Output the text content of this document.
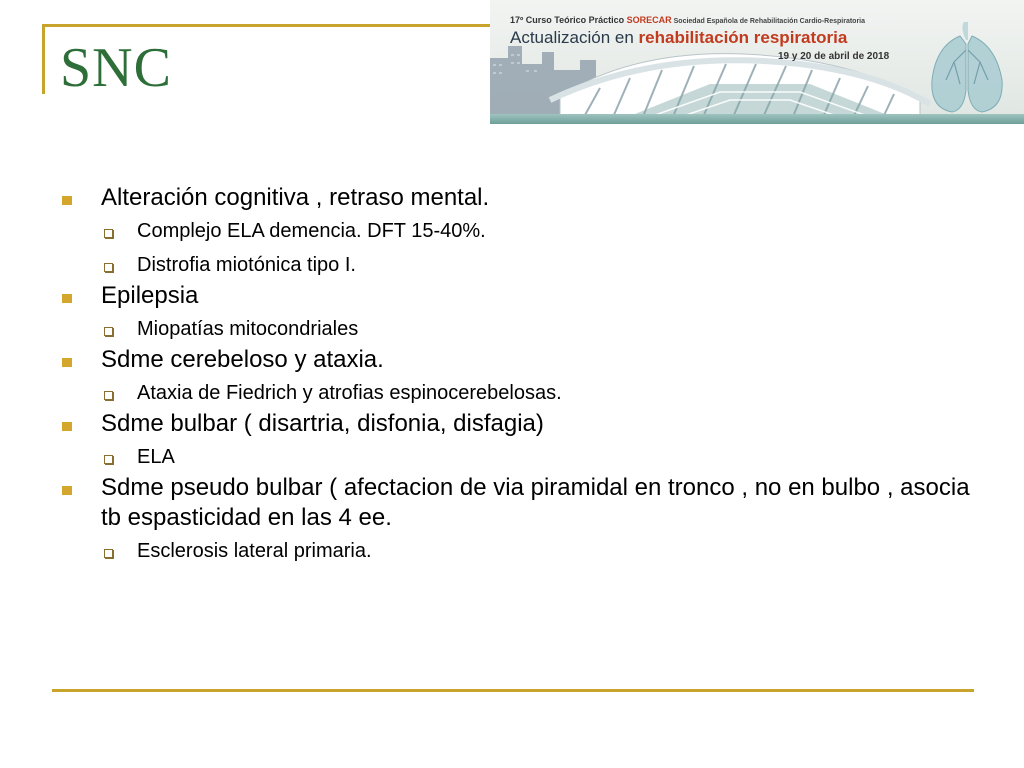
SNC
17º Curso Teórico Práctico SORECAR Sociedad Española de Rehabilitación Cardio-Respiratoria
Actualización en rehabilitación respiratoria
19 y 20 de abril de 2018
Alteración cognitiva , retraso mental.
Complejo ELA demencia. DFT 15-40%.
Distrofia miotónica tipo I.
Epilepsia
Miopatías mitocondriales
Sdme cerebeloso y ataxia.
Ataxia de Fiedrich y atrofias espinocerebelosas.
Sdme bulbar ( disartria, disfonia, disfagia)
ELA
Sdme pseudo bulbar ( afectacion de via piramidal en tronco , no en bulbo , asocia tb espasticidad en las 4 ee.
Esclerosis lateral primaria.
